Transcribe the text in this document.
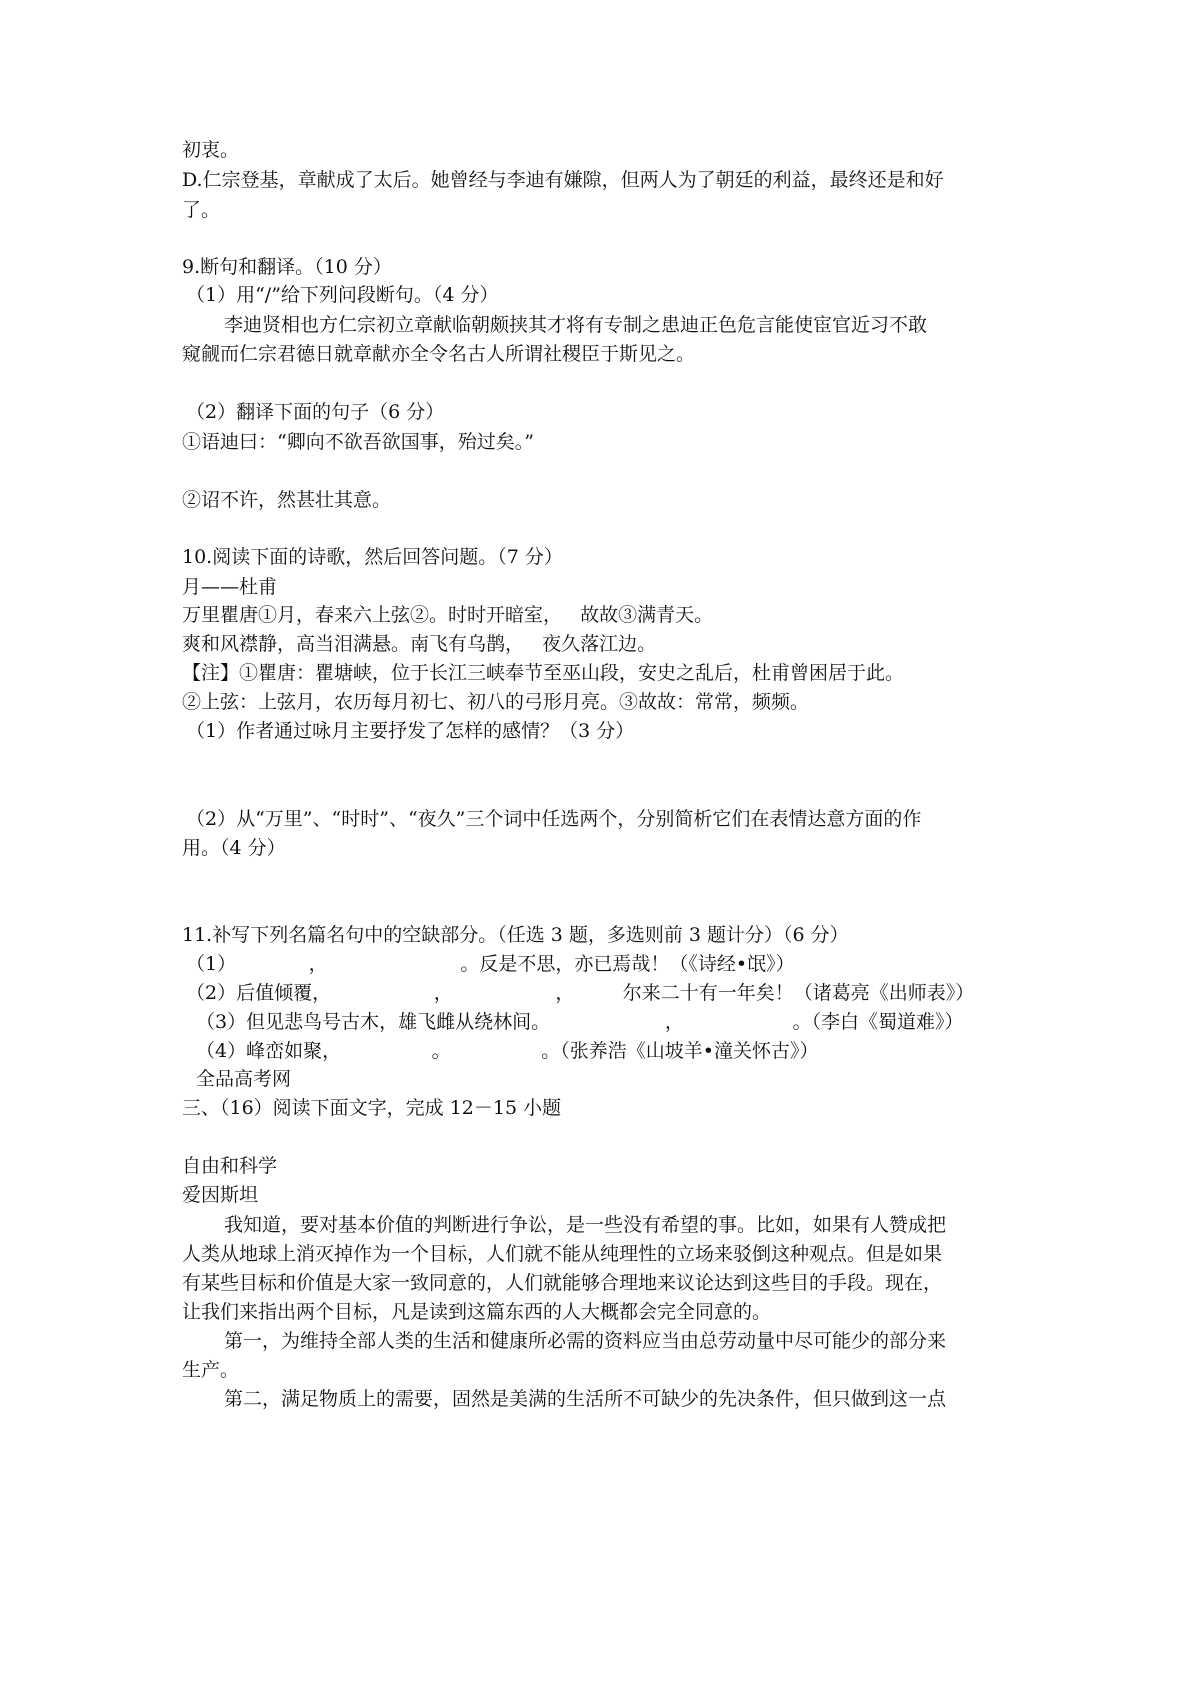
初衷。
D.仁宗登基，章献成了太后。她曾经与李迪有嫌隙，但两人为了朝廷的利益，最终还是和好
了。
9.断句和翻译。（10 分）
（1）用“/”给下列问段断句。（4 分）
李迪贤相也方仁宗初立章献临朝颇挟其才将有专制之患迪正色危言能使宦官近习不敢
窥觎而仁宗君德日就章献亦全令名古人所谓社稷臣于斯见之。
（2）翻译下面的句子（6 分）
①语迪曰：“卿向不欲吾欲国事，殆过矣。”
②诏不许，然甚壮其意。
10.阅读下面的诗歌，然后回答问题。（7 分）
月——杜甫
万里瞿唐①月，春来六上弦②。时时开暗室，   故故③满青天。
爽和风襟静，高当泪满悬。南飞有乌鹊，   夜久落江边。
【注】①瞿唐：瞿塘峡，位于长江三峡奉节至巫山段，安史之乱后，杜甫曾困居于此。
②上弦：上弦月，农历每月初七、初八的弓形月亮。③故故：常常，频频。
（1）作者通过咏月主要抒发了怎样的感情？（3 分）
（2）从“万里”、“时时”、“夜久”三个词中任选两个，分别简析它们在表情达意方面的作
用。（4 分）
11.补写下列名篇名句中的空缺部分。（任选 3 题，多选则前 3 题计分）（6 分）
（1）            ，                      。反是不思，亦已焉哉！（《诗经•氓》）
（2）后值倾覆，                 ，                 ，        尔来二十有一年矣！（诸葛亮《出师表》）
（3）但见悲鸟号古木，雄飞雌从绕林间。                   ，                  。（李白《蜀道难》）
（4）峰峦如聚，               。               。（张养浩《山坡羊•潼关怀古》）
全品高考网
三、（16）阅读下面文字，完成 12－15 小题
自由和科学
爱因斯坦
我知道，要对基本价值的判断进行争讼，是一些没有希望的事。比如，如果有人赞成把
人类从地球上消灭掉作为一个目标，人们就不能从纯理性的立场来驳倒这种观点。但是如果
有某些目标和价值是大家一致同意的，人们就能够合理地来议论达到这些目的手段。现在，
让我们来指出两个目标，凡是读到这篇东西的人大概都会完全同意的。
第一，为维持全部人类的生活和健康所必需的资料应当由总劳动量中尽可能少的部分来
生产。
第二，满足物质上的需要，固然是美满的生活所不可缺少的先决条件，但只做到这一点
